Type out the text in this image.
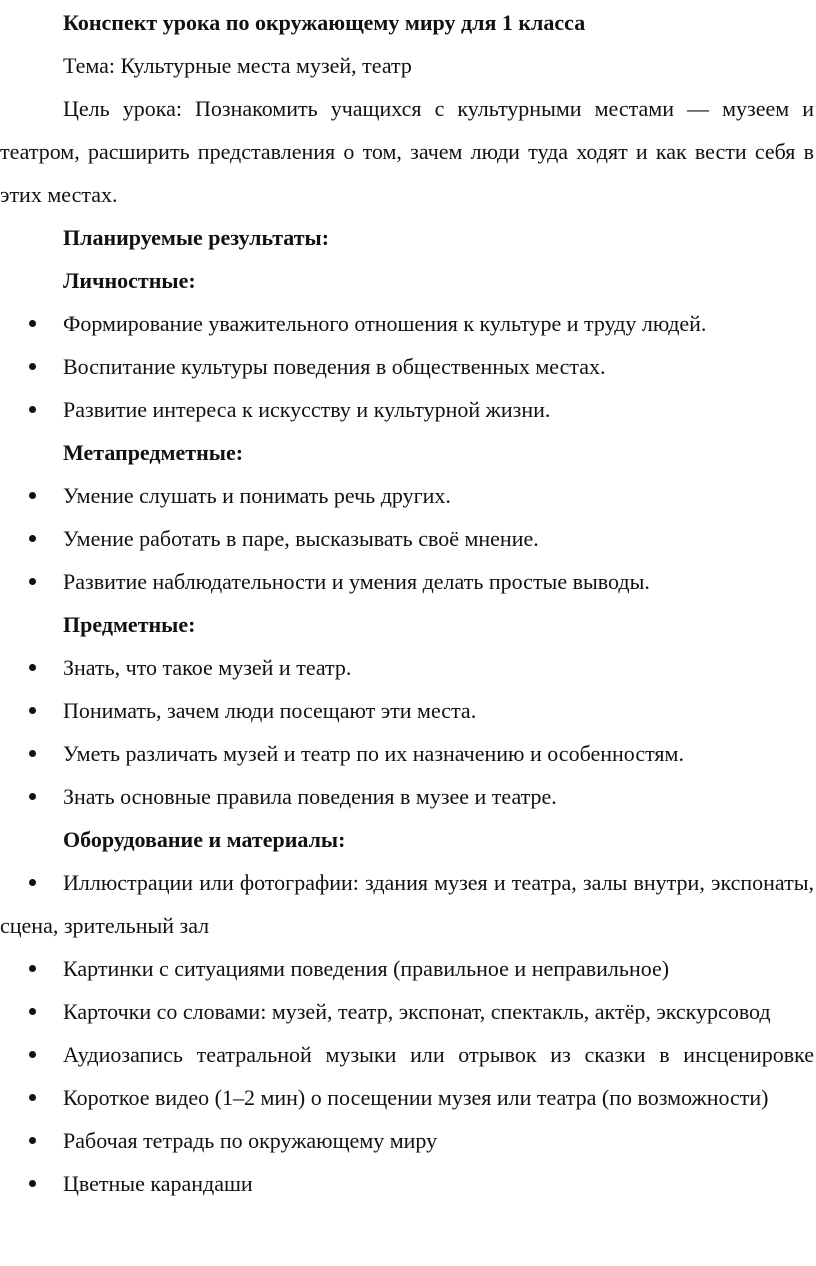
Конспект урока по окружающему миру для 1 класса

Тема: Культурные места музей, театр

Цель урока: Познакомить учащихся с культурными местами — музеем и театром, расширить представления о том, зачем люди туда ходят и как вести себя в этих местах.

Планируемые результаты:

Личностные:

Формирование уважительного отношения к культуре и труду людей.
Воспитание культуры поведения в общественных местах.
Развитие интереса к искусству и культурной жизни.

Метапредметные:

Умение слушать и понимать речь других.
Умение работать в паре, высказывать своё мнение.
Развитие наблюдательности и умения делать простые выводы.

Предметные:

Знать, что такое музей и театр.
Понимать, зачем люди посещают эти места.
Уметь различать музей и театр по их назначению и особенностям.
Знать основные правила поведения в музее и театре.

Оборудование и материалы:

Иллюстрации или фотографии: здания музея и театра, залы внутри, экспонаты, сцена, зрительный зал
Картинки с ситуациями поведения (правильное и неправильное)
Карточки со словами: музей, театр, экспонат, спектакль, актёр, экскурсовод
Аудиозапись театральной музыки или отрывок из сказки в инсценировке
Короткое видео (1–2 мин) о посещении музея или театра (по возможности)
Рабочая тетрадь по окружающему миру
Цветные карандаши
